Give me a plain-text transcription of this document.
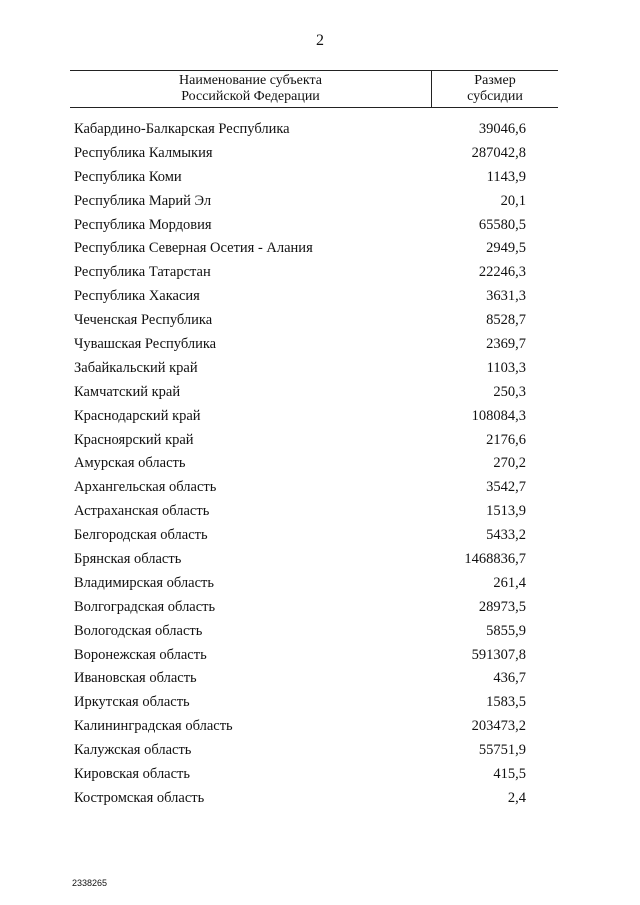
2
Наименование субъекта
Российской Федерации
Размер
субсидии
Кабардино-Балкарская Республика	39046,6
Республика Калмыкия	287042,8
Республика Коми	1143,9
Республика Марий Эл	20,1
Республика Мордовия	65580,5
Республика Северная Осетия - Алания	2949,5
Республика Татарстан	22246,3
Республика Хакасия	3631,3
Чеченская Республика	8528,7
Чувашская Республика	2369,7
Забайкальский край	1103,3
Камчатский край	250,3
Краснодарский край	108084,3
Красноярский край	2176,6
Амурская область	270,2
Архангельская область	3542,7
Астраханская область	1513,9
Белгородская область	5433,2
Брянская область	1468836,7
Владимирская область	261,4
Волгоградская область	28973,5
Вологодская область	5855,9
Воронежская область	591307,8
Ивановская область	436,7
Иркутская область	1583,5
Калининградская область	203473,2
Калужская область	55751,9
Кировская область	415,5
Костромская область	2,4
2338265
